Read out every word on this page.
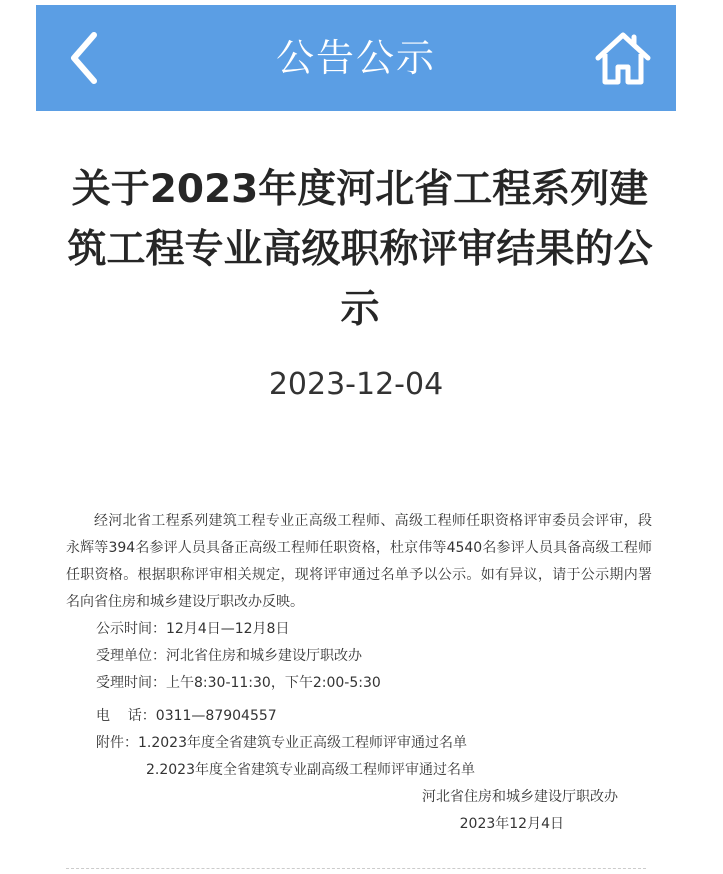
公告公示
关于2023年度河北省工程系列建筑工程专业高级职称评审结果的公示
2023-12-04

经河北省工程系列建筑工程专业正高级工程师、高级工程师任职资格评审委员会评审，段永辉等394名参评人员具备正高级工程师任职资格，杜京伟等4540名参评人员具备高级工程师任职资格。根据职称评审相关规定，现将评审通过名单予以公示。如有异议，请于公示期内署名向省住房和城乡建设厅职改办反映。

公示时间：12月4日—12月8日

受理单位：河北省住房和城乡建设厅职改办

受理时间：上午8:30-11:30，下午2:00-5:30

电    话：0311—87904557

附件：1.2023年度全省建筑专业正高级工程师评审通过名单

2.2023年度全省建筑专业副高级工程师评审通过名单

河北省住房和城乡建设厅职改办

2023年12月4日
